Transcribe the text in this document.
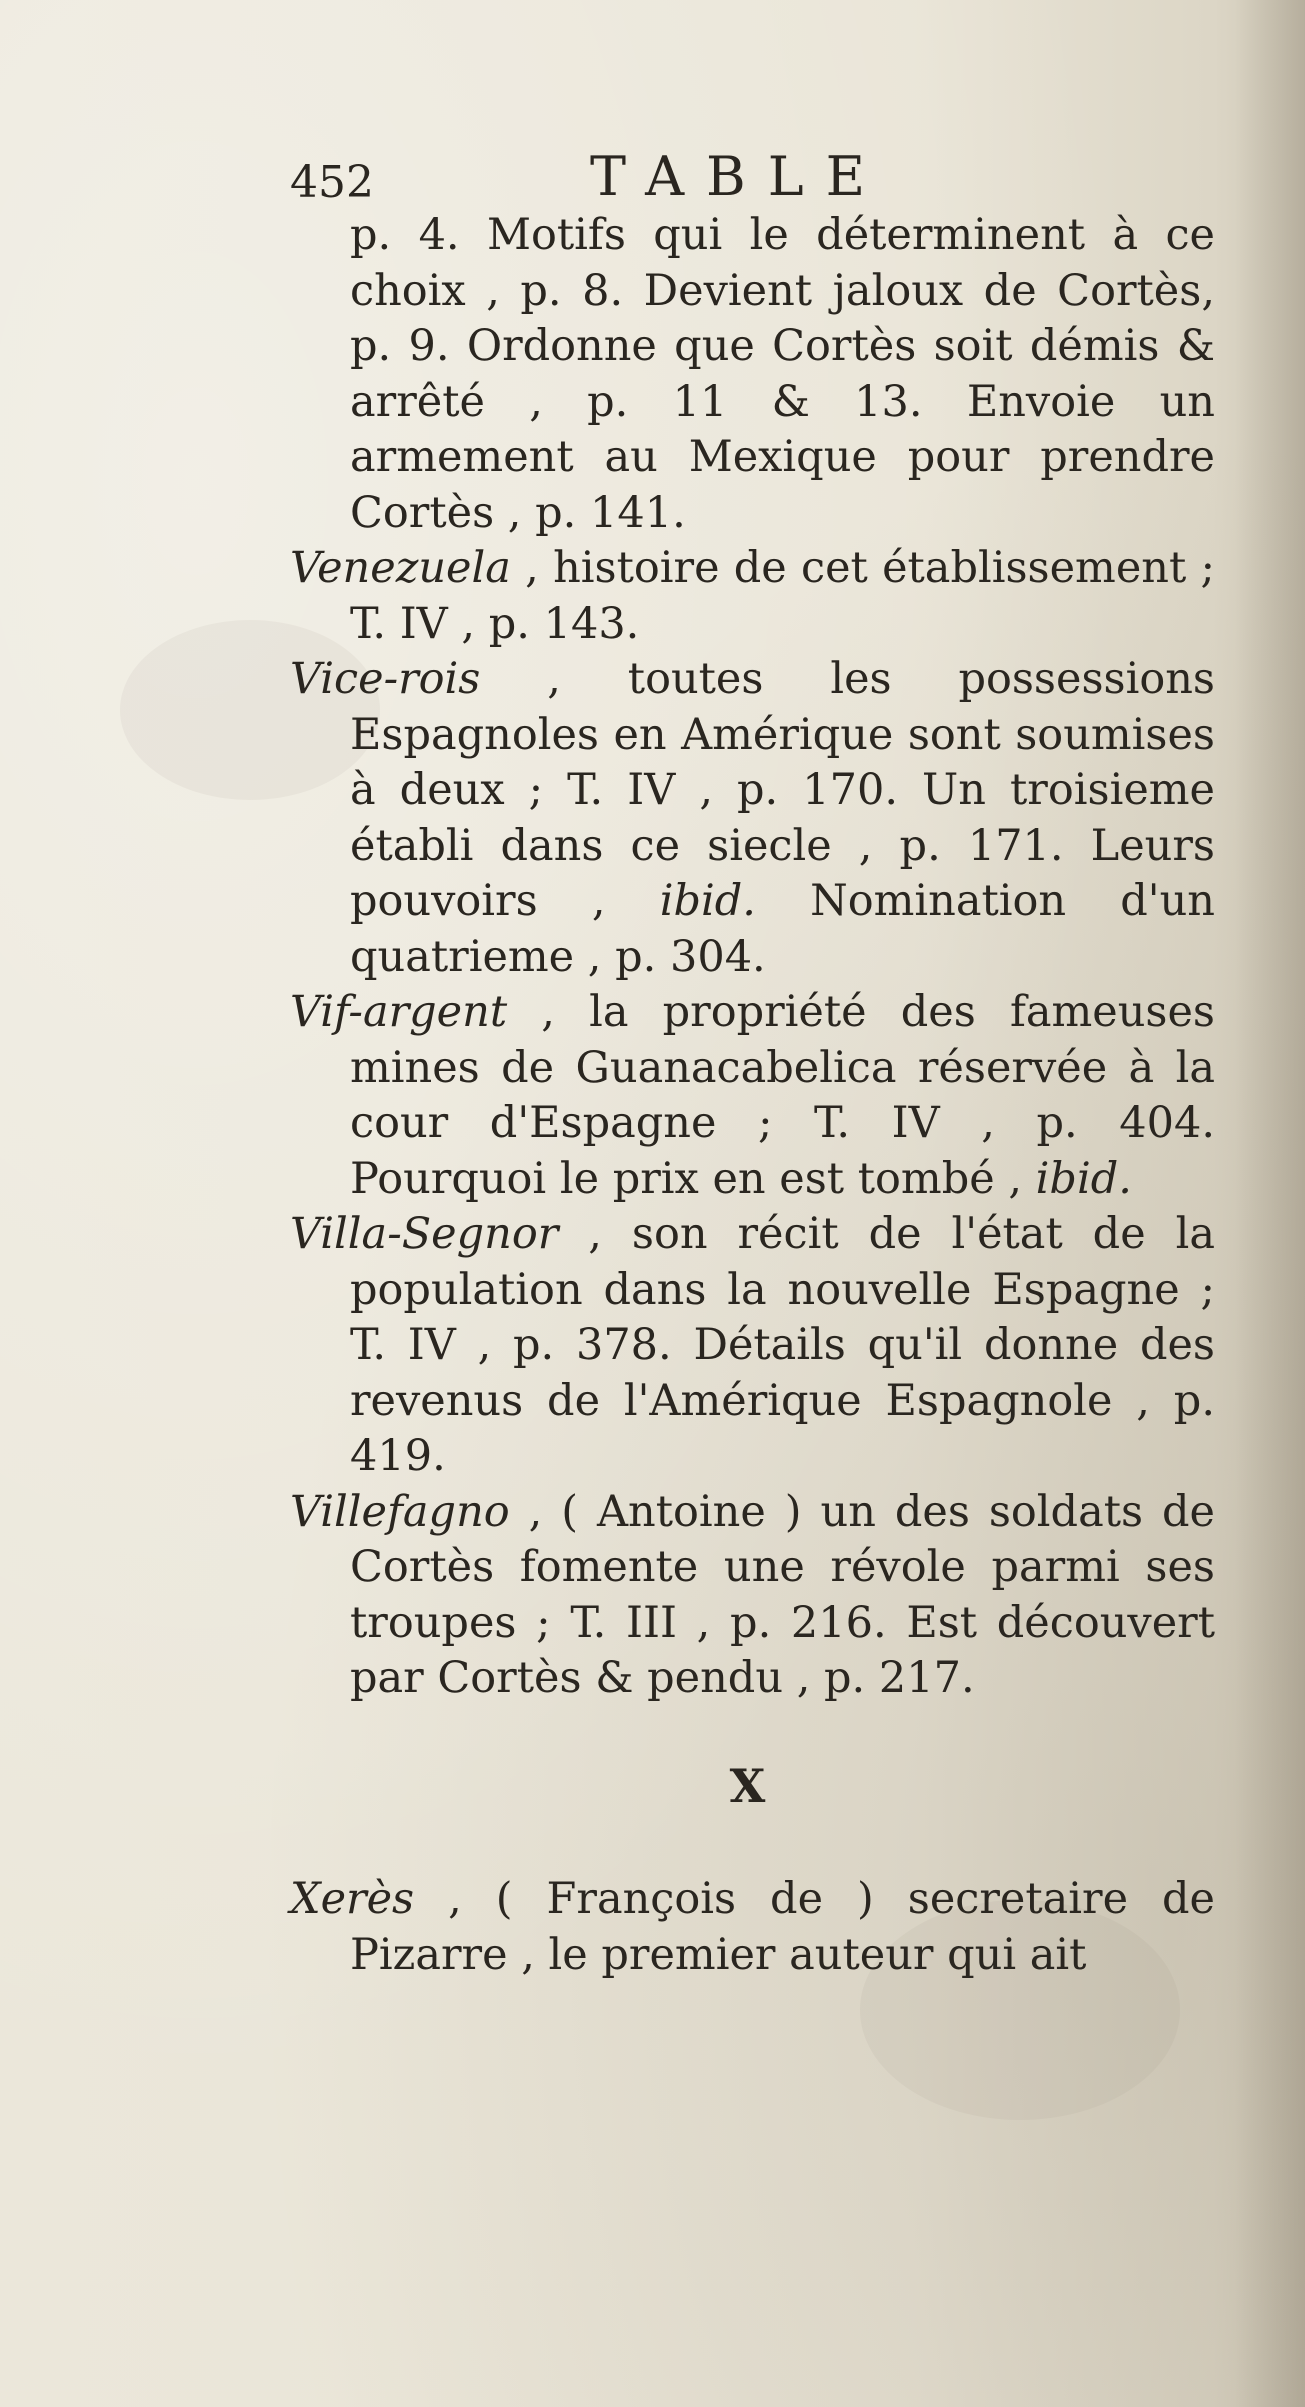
452	TABLE

p. 4. Motifs qui le déterminent à ce choix , p. 8. Devient jaloux de Cortès, p. 9. Ordonne que Cortès soit démis & arrêté , p. 11 & 13. Envoie un armement au Mexique pour prendre Cortès , p. 141.

Venezuela , histoire de cet établissement ; T. IV , p. 143.

Vice-rois , toutes les possessions Espagnoles en Amérique sont soumises à deux ; T. IV , p. 170. Un troisieme établi dans ce siecle , p. 171. Leurs pouvoirs , ibid. Nomination d'un quatrieme , p. 304.

Vif-argent , la propriété des fameuses mines de Guanacabelica réservée à la cour d'Espagne ; T. IV , p. 404. Pourquoi le prix en est tombé , ibid.

Villa-Segnor , son récit de l'état de la population dans la nouvelle Espagne ; T. IV , p. 378. Détails qu'il donne des revenus de l'Amérique Espagnole , p. 419.

Villefagno , ( Antoine ) un des soldats de Cortès fomente une révole parmi ses troupes ; T. III , p. 216. Est découvert par Cortès & pendu , p. 217.

X

Xerès , ( François de ) secretaire de Pizarre , le premier auteur qui ait
